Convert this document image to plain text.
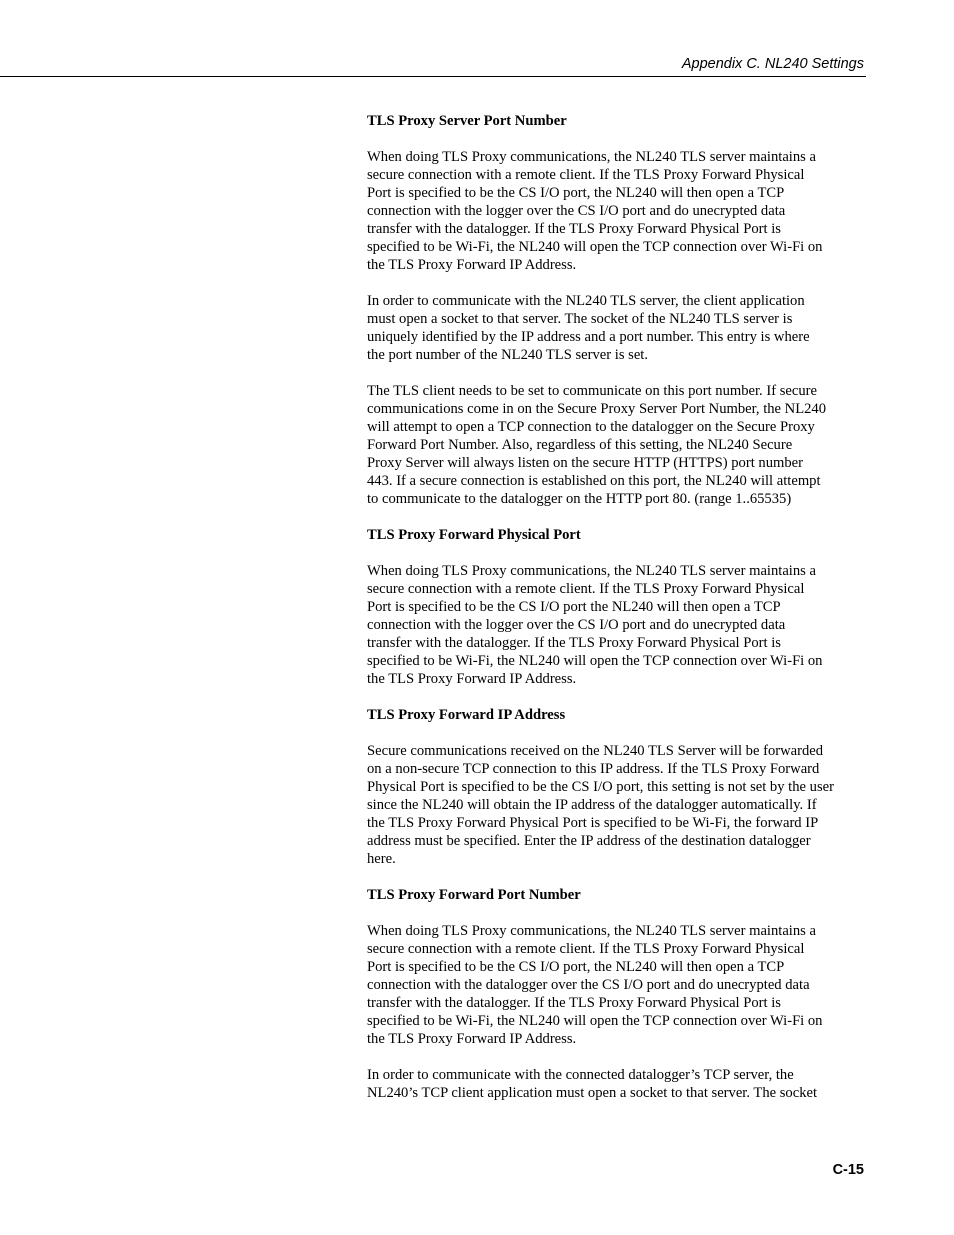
Appendix C. NL240 Settings
TLS Proxy Server Port Number

When doing TLS Proxy communications, the NL240 TLS server maintains a
secure connection with a remote client. If the TLS Proxy Forward Physical
Port is specified to be the CS I/O port, the NL240 will then open a TCP
connection with the logger over the CS I/O port and do unecrypted data
transfer with the datalogger. If the TLS Proxy Forward Physical Port is
specified to be Wi-Fi, the NL240 will open the TCP connection over Wi-Fi on
the TLS Proxy Forward IP Address.

In order to communicate with the NL240 TLS server, the client application
must open a socket to that server. The socket of the NL240 TLS server is
uniquely identified by the IP address and a port number. This entry is where
the port number of the NL240 TLS server is set.

The TLS client needs to be set to communicate on this port number. If secure
communications come in on the Secure Proxy Server Port Number, the NL240
will attempt to open a TCP connection to the datalogger on the Secure Proxy
Forward Port Number. Also, regardless of this setting, the NL240 Secure
Proxy Server will always listen on the secure HTTP (HTTPS) port number
443. If a secure connection is established on this port, the NL240 will attempt
to communicate to the datalogger on the HTTP port 80. (range 1..65535)

TLS Proxy Forward Physical Port

When doing TLS Proxy communications, the NL240 TLS server maintains a
secure connection with a remote client. If the TLS Proxy Forward Physical
Port is specified to be the CS I/O port the NL240 will then open a TCP
connection with the logger over the CS I/O port and do unecrypted data
transfer with the datalogger. If the TLS Proxy Forward Physical Port is
specified to be Wi-Fi, the NL240 will open the TCP connection over Wi-Fi on
the TLS Proxy Forward IP Address.

TLS Proxy Forward IP Address

Secure communications received on the NL240 TLS Server will be forwarded
on a non-secure TCP connection to this IP address. If the TLS Proxy Forward
Physical Port is specified to be the CS I/O port, this setting is not set by the user
since the NL240 will obtain the IP address of the datalogger automatically. If
the TLS Proxy Forward Physical Port is specified to be Wi-Fi, the forward IP
address must be specified. Enter the IP address of the destination datalogger
here.

TLS Proxy Forward Port Number

When doing TLS Proxy communications, the NL240 TLS server maintains a
secure connection with a remote client. If the TLS Proxy Forward Physical
Port is specified to be the CS I/O port, the NL240 will then open a TCP
connection with the datalogger over the CS I/O port and do unecrypted data
transfer with the datalogger. If the TLS Proxy Forward Physical Port is
specified to be Wi-Fi, the NL240 will open the TCP connection over Wi-Fi on
the TLS Proxy Forward IP Address.

In order to communicate with the connected datalogger’s TCP server, the
NL240’s TCP client application must open a socket to that server. The socket

C-15
